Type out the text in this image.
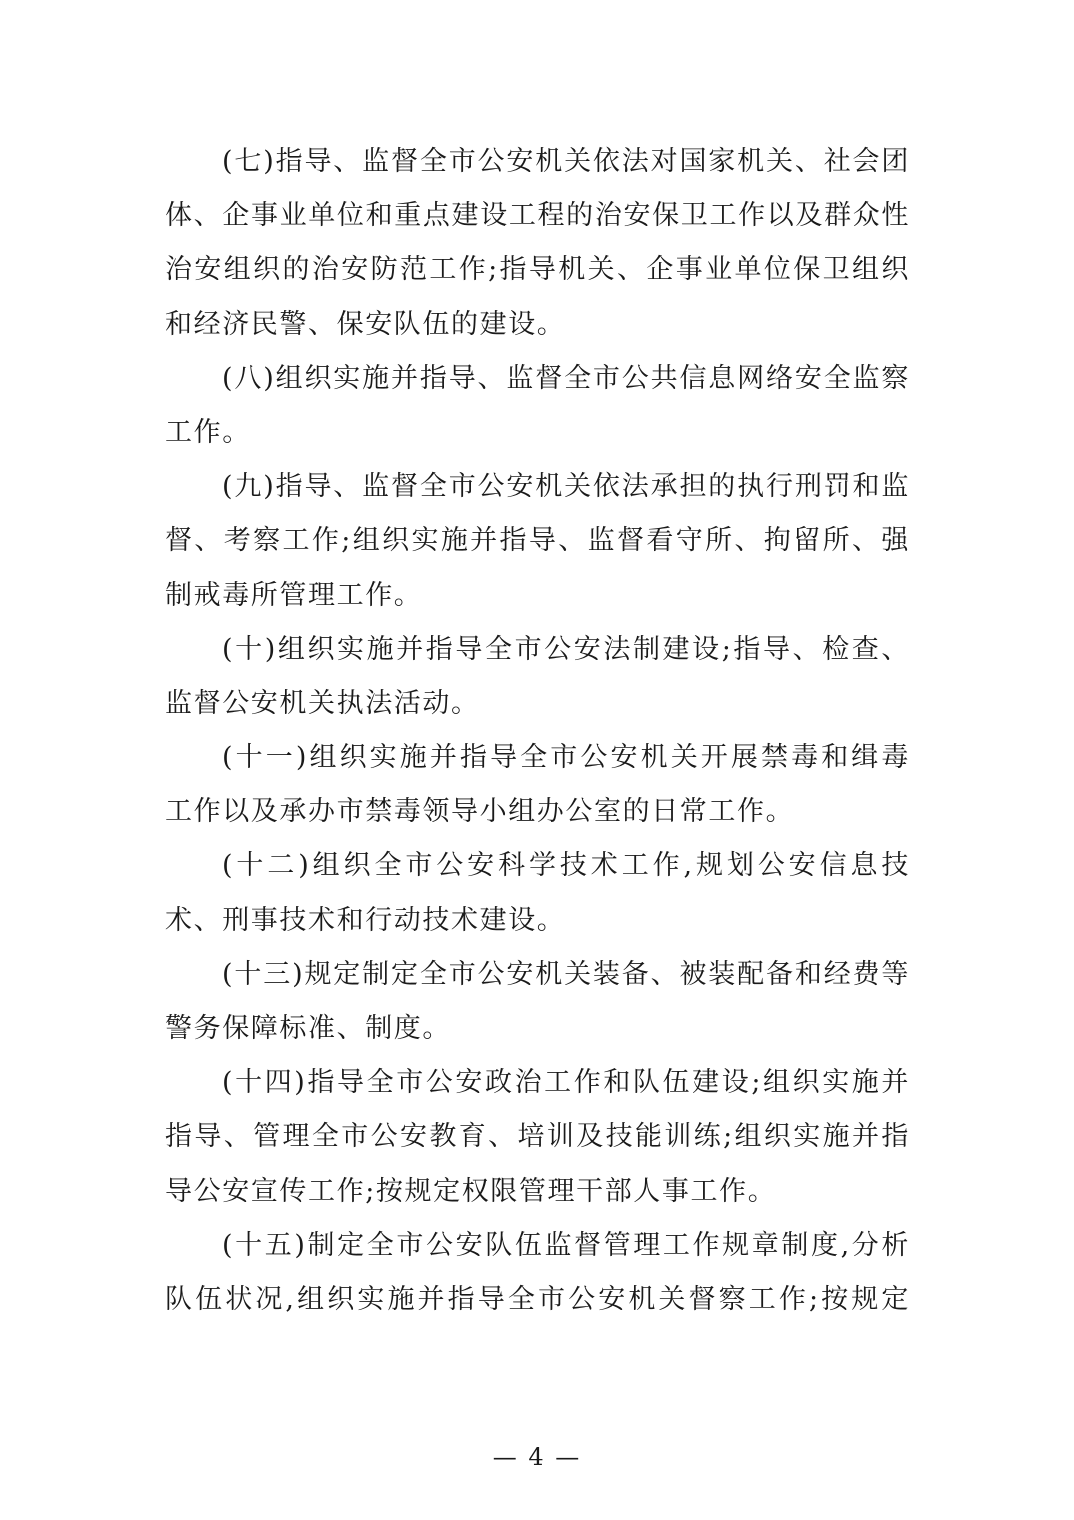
(七)指导、监督全市公安机关依法对国家机关、社会团
体、企事业单位和重点建设工程的治安保卫工作以及群众性
治安组织的治安防范工作;指导机关、企事业单位保卫组织
和经济民警、保安队伍的建设。
(八)组织实施并指导、监督全市公共信息网络安全监察
工作。
(九)指导、监督全市公安机关依法承担的执行刑罚和监
督、考察工作;组织实施并指导、监督看守所、拘留所、强
制戒毒所管理工作。
(十)组织实施并指导全市公安法制建设;指导、检查、
监督公安机关执法活动。
(十一)组织实施并指导全市公安机关开展禁毒和缉毒
工作以及承办市禁毒领导小组办公室的日常工作。
(十二)组织全市公安科学技术工作,规划公安信息技
术、刑事技术和行动技术建设。
(十三)规定制定全市公安机关装备、被装配备和经费等
警务保障标准、制度。
(十四)指导全市公安政治工作和队伍建设;组织实施并
指导、管理全市公安教育、培训及技能训练;组织实施并指
导公安宣传工作;按规定权限管理干部人事工作。
(十五)制定全市公安队伍监督管理工作规章制度,分析
队伍状况,组织实施并指导全市公安机关督察工作;按规定
— 4 —
